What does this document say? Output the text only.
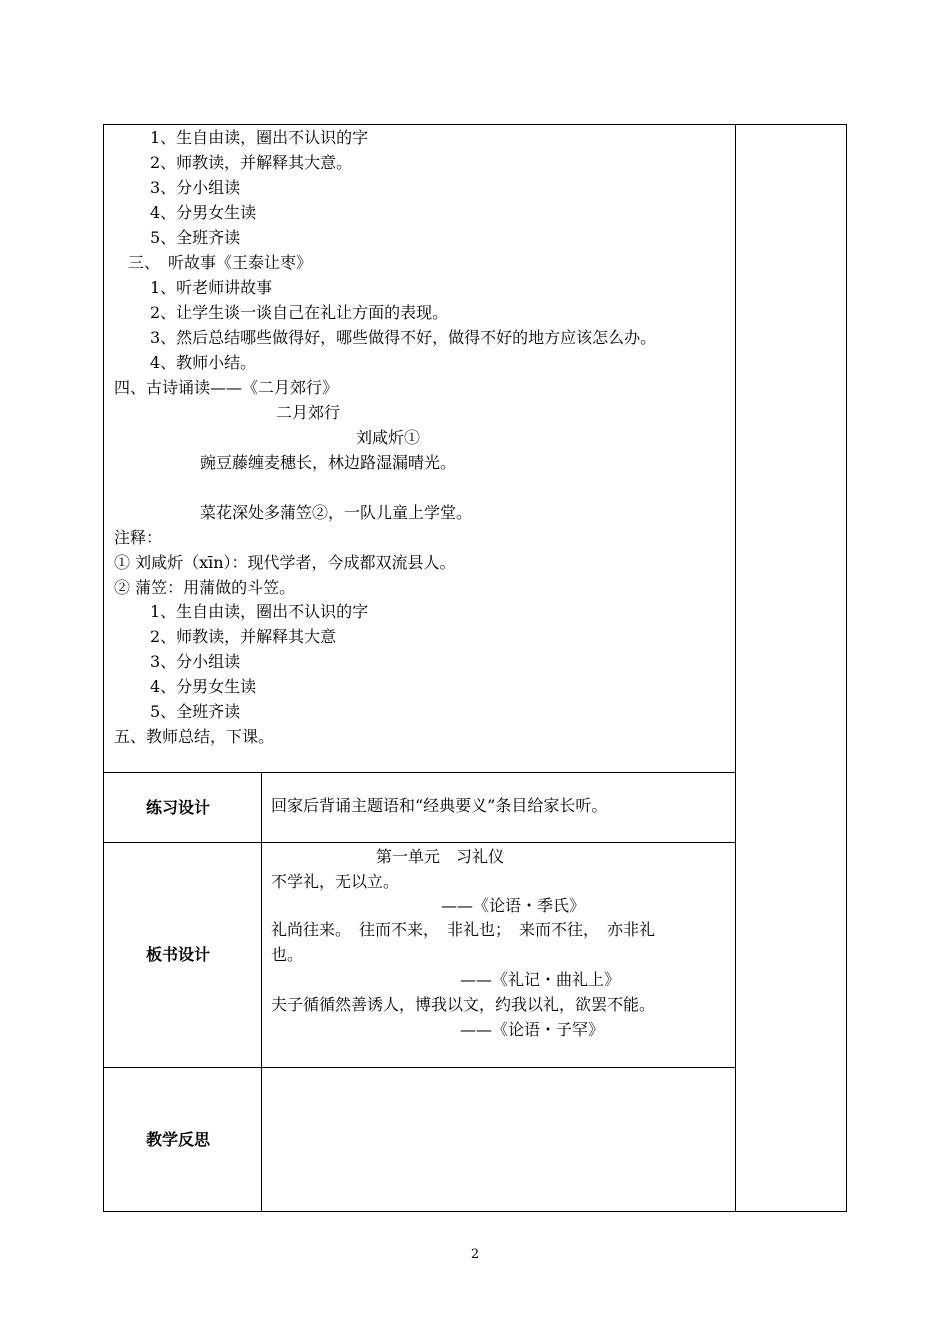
1、生自由读，圈出不认识的字
2、师教读，并解释其大意。
3、分小组读
4、分男女生读
5、全班齐读
三、　听故事《王泰让枣》
1、听老师讲故事
2、让学生谈一谈自己在礼让方面的表现。
3、然后总结哪些做得好，哪些做得不好，做得不好的地方应该怎么办。
4、教师小结。
四、古诗诵读——《二月郊行》
二月郊行
刘咸炘①
豌豆藤缠麦穗长，林边路湿漏晴光。
菜花深处多蒲笠②，一队儿童上学堂。
注释：
① 刘咸炘（xīn）：现代学者，今成都双流县人。
② 蒲笠：用蒲做的斗笠。
1、生自由读，圈出不认识的字
2、师教读，并解释其大意
3、分小组读
4、分男女生读
5、全班齐读
五、教师总结，下课。
练习设计	回家后背诵主题语和“经典要义”条目给家长听。
板书设计
第一单元　习礼仪
不学礼，无以立。
——《论语・季氏》
礼尚往来。　往而不来，　非礼也；　来而不往，　亦非礼
也。
——《礼记・曲礼上》
夫子循循然善诱人，博我以文，约我以礼，欲罢不能。
——《论语・子罕》
教学反思
2
